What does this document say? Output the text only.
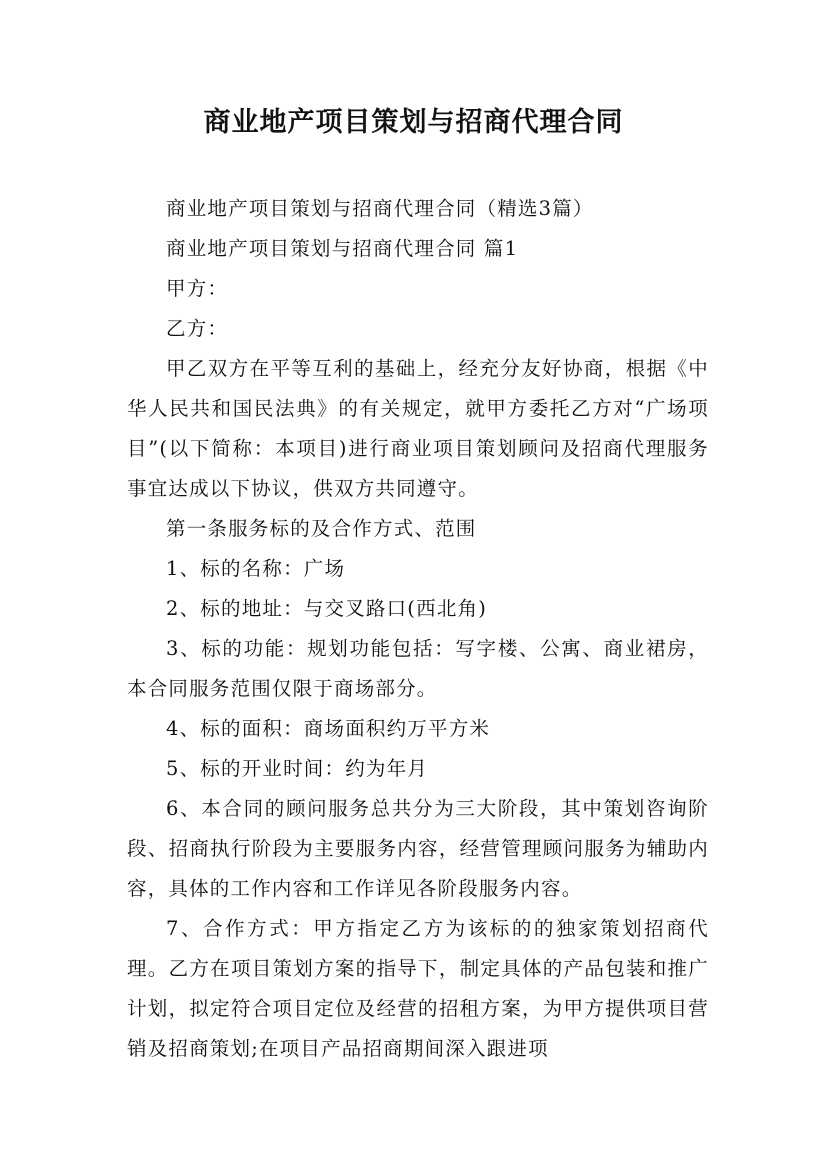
商业地产项目策划与招商代理合同

商业地产项目策划与招商代理合同（精选3篇）

商业地产项目策划与招商代理合同 篇1

甲方：

乙方：

甲乙双方在平等互利的基础上，经充分友好协商，根据《中华人民共和国民法典》的有关规定，就甲方委托乙方对“广场项目”(以下简称：本项目)进行商业项目策划顾问及招商代理服务事宜达成以下协议，供双方共同遵守。

第一条服务标的及合作方式、范围

1、标的名称：广场

2、标的地址：与交叉路口(西北角)

3、标的功能：规划功能包括：写字楼、公寓、商业裙房，本合同服务范围仅限于商场部分。

4、标的面积：商场面积约万平方米

5、标的开业时间：约为年月

6、本合同的顾问服务总共分为三大阶段，其中策划咨询阶段、招商执行阶段为主要服务内容，经营管理顾问服务为辅助内容，具体的工作内容和工作详见各阶段服务内容。

7、合作方式：甲方指定乙方为该标的的独家策划招商代理。乙方在项目策划方案的指导下，制定具体的产品包装和推广计划，拟定符合项目定位及经营的招租方案，为甲方提供项目营销及招商策划;在项目产品招商期间深入跟进项
